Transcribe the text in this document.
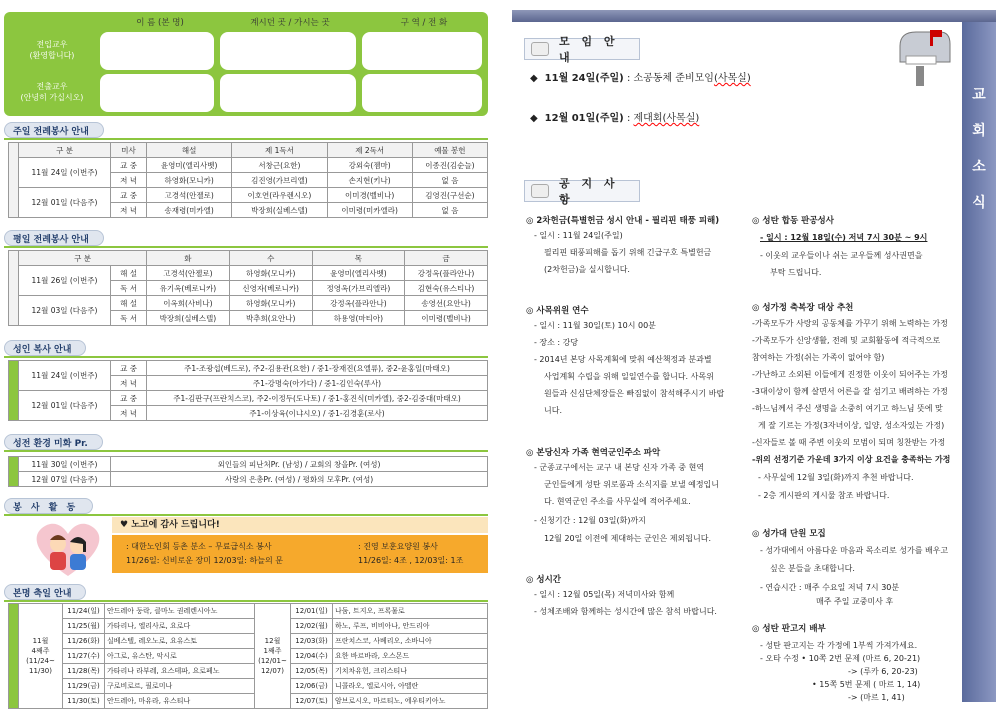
이 름 (본 명)	계시던 곳 / 가시는 곳	구 역 / 전 화
전입교우
(환영합니다)
전출교우
(안녕히 가십시오)
주일 전례봉사 안내
	구 분	미사	해설	제 1독서	제 2독서	예물 봉헌
	11월 24일 (이번주)	교 중	윤영미(엘리사벳)	서창근(요한)	강외숙(젬마)	이종진(김순늘)
		저 녁	하영화(모니카)	김진영(가브리엘)	손지현(키나)	없 음
	12월 01일 (다음주)	교 중	고경석(안젤로)	이호연(라우렌시오)	이미경(벨비나)	김영진(구선순)
		저 녁	송재령(미카엘)	박장희(실베스텔)	이미령(미카엘라)	없 음
평일 전례봉사 안내
	구 분		화	수	목	금
	11월 26일 (이번주)	해 설	고경석(안젤로)	하영화(모니카)	윤영미(엘리사벳)	강정옥(플라안나)
		독 서	유기옥(베로니카)	신영자(베로니카)	정영옥(가브리엘라)	김현숙(유스티나)
	12월 03일 (다음주)	해 설	이옥희(사비나)	하영화(모니카)	강정옥(플라안나)	송영선(요안나)
		독 서	박장희(실베스텔)	박추희(요안나)	하용영(마티아)	이미령(벨비나)
성인 복사 안내
	11월 24일 (이번주)	교 중	주1-조광섭(베드로), 주2-김용관(요한) / 중1-장재진(요엘류), 중2-윤홍일(마태오)
		저 녁	주1-강명숙(아가다) / 중1-김인숙(루사)
	12월 01일 (다음주)	교 중	주1-김판구(프란치스코), 주2-이정두(도나토) / 중1-홍진식(미카엘), 중2-김중대(마태오)
		저 녁	주1-이상육(이냐시오) / 중1-김경훈(로사)
성전 환경 미화 Pr.
	11월 30일 (이번주)	외인들의 피난처Pr. (남성) / 교회의 창을Pr. (여성)
	12월 07일 (다음주)	사랑의 은총Pr. (여성) / 평화의 모후Pr. (여성)
봉 사 활 동
♥ 노고에 감사 드립니다!
: 대한노인회 등촌 분소 – 무료급식소 봉사
11/26일: 신비로운 장미 12/03일: 하늘의 문
: 진영 보훈요양원 봉사
11/26일: 4조 , 12/03일: 1조
본명 축일 안내
	11월
4째주
(11/24~
11/30)	11/24(일)	안드레아 둥락, 클마노 권레렌시아노	12월
1째주
(12/01~
12/07)	12/01(일)	나둠, 트지오, 프록물로
		11/25(월)	가타리나, 엘리사로, 요로다		12/02(월)	하노, 루프, 비비아나, 안드리아
		11/26(화)	실베스텔, 레오노로, 요유스토		12/03(화)	프란치스코, 사베리오, 소바니아
		11/27(수)	아그로, 유스탄, 악시로		12/04(수)	요한 바르바라, 오스몬드
		11/28(목)	가타리나 라부레, 요스테파, 요로페노		12/05(목)	기치차유헌, 크리스티나
		11/29(금)	구로비로르, 필로미나		12/06(금)	니콜라오, 엘로시아, 아멜란
		11/30(토)	안드레아, 마유라, 유스티나		12/07(토)	암브로시오, 마르티노, 에우티키아노
교
회
소
식
모 임 안 내
◆  11월 24일(주일) : 소공동체 준비모임(사목실)
◆  12월 01일(주일) : 제대회(사목실)
공 지 사 항
◎ 2차헌금(특별헌금 성시 안내 - 필리핀 태풍 피해)
- 일시 : 11월 24일(주일)
필리핀 태풍피해를 돕기 위해 긴급구호 특별헌금
(2차헌금)을 실시합니다.
◎ 사목위원 연수
- 일시 : 11월 30일(토) 10시 00분
- 장소 : 강당
- 2014년 본당 사목계획에 맞춰 예산책정과 분과별
사업계획 수립을 위해 일일연수를 합니다. 사목위
원들과 신심단체장들은 빠짐없이 참석해주시기 바랍
니다.
◎ 본당신자 가족 현역군인주소 파악
- 군종교구에서는 교구 내 본당 신자 가족 중 현역
군인들에게 성탄 위로품과 소식지를 보낼 예정입니
다. 현역군인 주소를 사무실에 적어주세요.
- 신청기간 : 12월 03일(화)까지
12월 20일 이전에 제대하는 군인은 제외됩니다.
◎ 성시간
- 일시 : 12월 05일(목) 저녁미사와 함께
- 성체조배와 함께하는 성시간에 많은 참석 바랍니다.
◎ 성탄 합동 판공성사
- 일시 : 12월 18일(수) 저녁 7시 30분 ~ 9시
- 이웃의 교우들이나 쉬는 교우들께 성사권면을
부탁 드립니다.
◎ 성가정 축복장 대상 추천
-가족모두가 사랑의 공동체를 가꾸기 위해 노력하는 가정
-가족모두가 신앙생활, 전례 및 교회활동에 적극적으로
참여하는 가정(쉬는 가족이 없어야 함)
-가난하고 소외된 이들에게 진정한 이웃이 되어주는 가정
-3대이상이 함께 살면서 어른을 잘 섬기고 배려하는 가정
-하느님께서 주신 생명을 소중히 여기고 하느님 뜻에 맞
게 잘 기르는 가정(3자녀이상, 입양, 성소자있는 가정)
-신자들로 볼 때 주변 이웃의 모범이 되며 칭찬받는 가정
-위의 선정기준 가운데 3가지 이상 요건을 충족하는 가정
- 사무실에 12월 3일(화)까지 추천 바랍니다.
- 2층 게시판의 게시물 참조 바랍니다.
◎ 성가대 단원 모집
- 성가대에서 아름다운 마음과 목소리로 성가를 배우고
싶은 분들을 초대합니다.
- 연습시간 : 매주 수요일 저녁 7시 30분
매주 주일 교중미사 후
◎ 성탄 판고지 배부
- 성탄 판고지는 각 가정에 1부씩 가져가세요.
- 오타 수정 • 10쪽 2번 문제 (마르 6, 20-21)
-> (루카 6, 20-23)
• 15쪽 5번 문제 ( 마르 1, 14)
-> (마르 1, 41)
